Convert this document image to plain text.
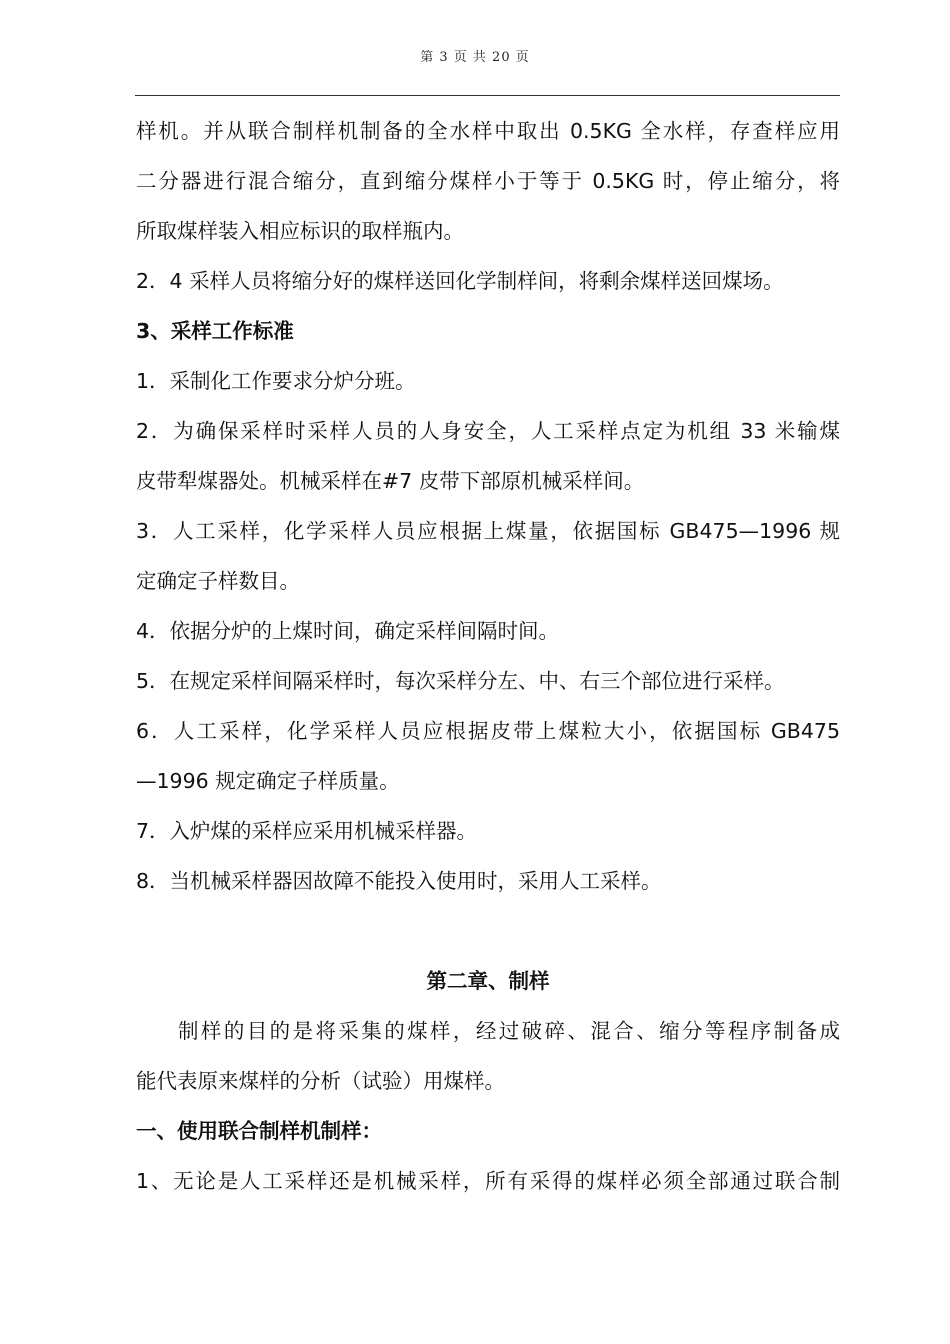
第 3 页 共 20 页
样机。并从联合制样机制备的全水样中取出 0.5KG 全水样，存查样应用
二分器进行混合缩分，直到缩分煤样小于等于 0.5KG 时，停止缩分，将
所取煤样装入相应标识的取样瓶内。
2．4 采样人员将缩分好的煤样送回化学制样间，将剩余煤样送回煤场。
3、采样工作标准
1．采制化工作要求分炉分班。
2．为确保采样时采样人员的人身安全，人工采样点定为机组 33 米输煤
皮带犁煤器处。机械采样在#7 皮带下部原机械采样间。
3．人工采样，化学采样人员应根据上煤量，依据国标 GB475—1996 规
定确定子样数目。
4．依据分炉的上煤时间，确定采样间隔时间。
5．在规定采样间隔采样时，每次采样分左、中、右三个部位进行采样。
6．人工采样，化学采样人员应根据皮带上煤粒大小，依据国标 GB475
—1996 规定确定子样质量。
7．入炉煤的采样应采用机械采样器。
8．当机械采样器因故障不能投入使用时，采用人工采样。
第二章、制样
制样的目的是将采集的煤样，经过破碎、混合、缩分等程序制备成
能代表原来煤样的分析（试验）用煤样。
一、使用联合制样机制样：
1、无论是人工采样还是机械采样，所有采得的煤样必须全部通过联合制
